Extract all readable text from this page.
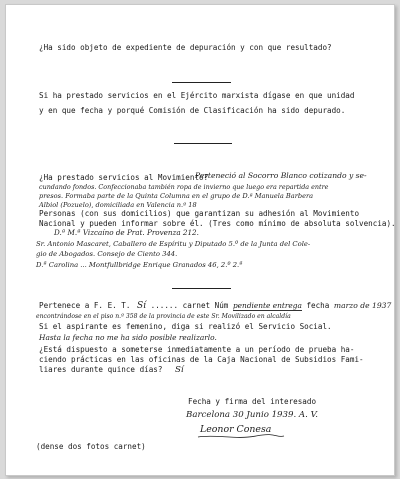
¿Ha sido objeto de expediente de depuración y con que resultado?
Si ha prestado servicios en el Ejército marxista dígase en que unidad
y en que fecha y porqué Comisión de Clasificación ha sido depurado.
¿Ha prestado servicios al Movimiento?
Perteneció al Socorro Blanco cotizando y se-
cundando fondos. Confeccionaba también ropa de invierno que luego era repartida entre
presos. Formaba parte de la Quinta Columna en el grupo de D.ª Manuela Barbera
Albiol (Pozuelo), domiciliada en Valencia n.º 18
Personas (con sus domicilios) que garantizan su adhesión al Movimiento
Nacional y pueden informar sobre él. (Tres como mínimo de absoluta solvencia).
D.ª M.ª Vizcaíno de Prat. Provenza 212.
Sr. Antonio Mascaret, Caballero de Espíritu y Diputado 5.º de la Junta del Cole-
gio de Abogados. Consejo de Ciento 344.
D.ª Carolina ... Montfullbridge Enrique Granados 46, 2.º 2.ª
Pertenece a F. E. T. Sí ...... carnet Núm pendiente entrega fecha marzo de 1937
encontrándose en el piso n.º 358 de la provincia de este Sr. Movilizado en alcaldía
Si el aspirante es femenino, diga si realizó el Servicio Social.
Hasta la fecha no me ha sido posible realizarlo.
¿Está dispuesto a someterse inmediatamente a un período de prueba ha-
ciendo prácticas en las oficinas de la Caja Nacional de Subsidios Fami-
liares durante quince días? Sí
Fecha y firma del interesado
Barcelona 30 Junio 1939. A. V.
Leonor Conesa
(dense dos fotos carnet)
